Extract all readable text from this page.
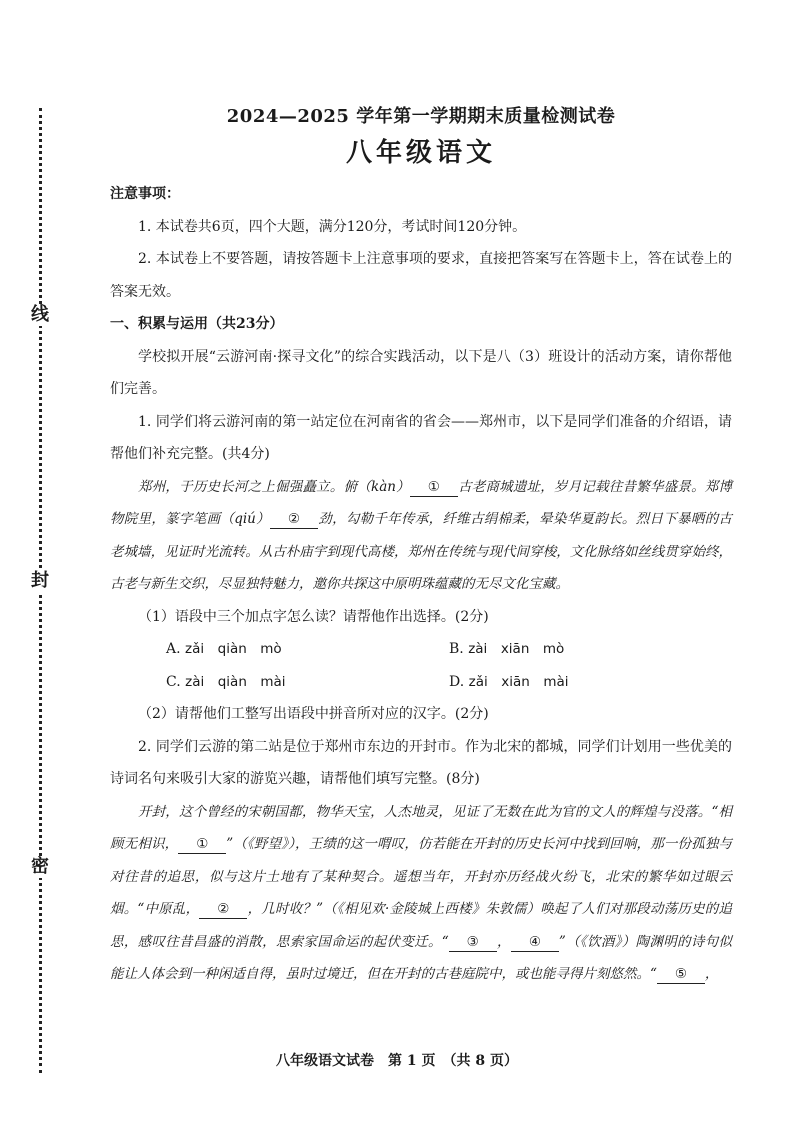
线
封
密
2024—2025 学年第一学期期末质量检测试卷
八年级语文

注意事项：

1. 本试卷共6页，四个大题，满分120分，考试时间120分钟。

2. 本试卷上不要答题，请按答题卡上注意事项的要求，直接把答案写在答题卡上，答在试卷上的答案无效。

一、积累与运用（共23分）

学校拟开展“云游河南·探寻文化”的综合实践活动，以下是八（3）班设计的活动方案，请你帮他们完善。

1. 同学们将云游河南的第一站定位在河南省的省会——郑州市，以下是同学们准备的介绍语，请帮他们补充完整。(共4分)

郑州，于历史长河之上倔强矗立。俯（kàn） ① 古老商城遗址，岁月记载往昔繁华盛景。郑博物院里，篆字笔画（qiú） ② 劲，勾勒千年传承，纤维古绢棉柔，晕染华夏韵长。烈日下暴晒的古老城墙，见证时光流转。从古朴庙宇到现代高楼，郑州在传统与现代间穿梭，文化脉络如丝线贯穿始终，古老与新生交织，尽显独特魅力，邀你共探这中原明珠蕴藏的无尽文化宝藏。

（1）语段中三个加点字怎么读？请帮他作出选择。(2分)

A. zǎi　qiàn　mò	B. zài　xiān　mò

C. zài　qiàn　mài	D. zǎi　xiān　mài

（2）请帮他们工整写出语段中拼音所对应的汉字。(2分)

2. 同学们云游的第二站是位于郑州市东边的开封市。作为北宋的都城，同学们计划用一些优美的诗词名句来吸引大家的游览兴趣，请帮他们填写完整。(8分)

开封，这个曾经的宋朝国都，物华天宝，人杰地灵，见证了无数在此为官的文人的辉煌与没落。“相顾无相识， ① ”（《野望》），王绩的这一喟叹，仿若能在开封的历史长河中找到回响，那一份孤独与对往昔的追思，似与这片土地有了某种契合。遥想当年，开封亦历经战火纷飞，北宋的繁华如过眼云烟。“中原乱， ② ，几时收？”（《相见欢·金陵城上西楼》朱敦儒）唤起了人们对那段动荡历史的追思，感叹往昔昌盛的消散，思索家国命运的起伏变迁。“ ③ ， ④ ”（《饮酒》）陶渊明的诗句似能让人体会到一种闲适自得，虽时过境迁，但在开封的古巷庭院中，或也能寻得片刻悠然。“ ⑤ ，

八年级语文试卷　第 1 页　（共 8 页）
